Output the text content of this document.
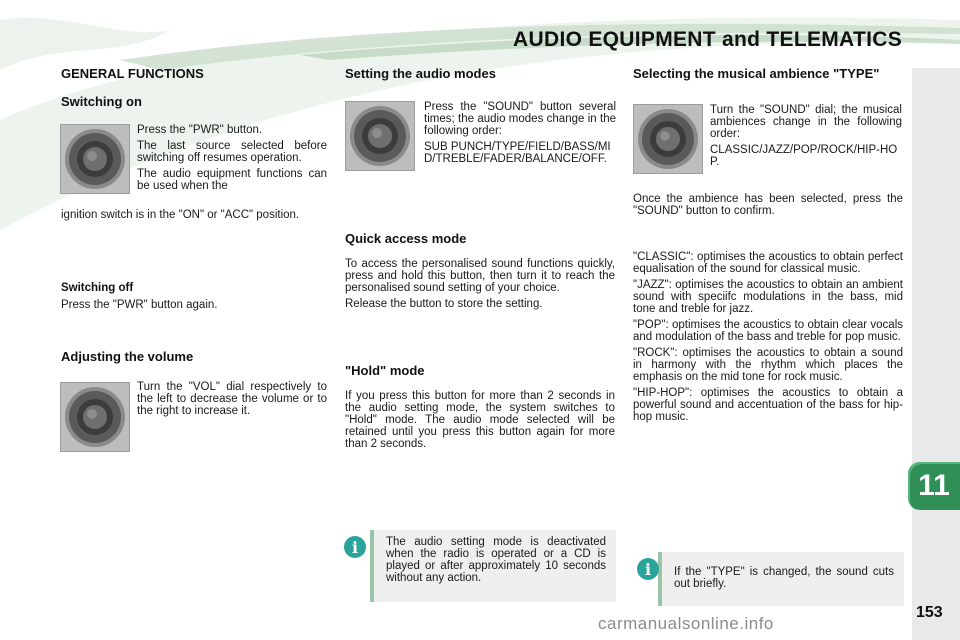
AUDIO EQUIPMENT and TELEMATICS
11
153
carmanualsonline.info
GENERAL FUNCTIONS
Switching on

Press the "PWR" button.

The last source selected before switching off resumes operation.

The audio equipment functions can be used when the

ignition switch is in the "ON" or "ACC" position.
Switching off
Press the "PWR" button again.
Adjusting the volume
Turn the "VOL" dial respectively to the left to decrease the volume or to the right to increase it.
Setting the audio modes

Press the "SOUND" button several times; the audio modes change in the following order:

SUB PUNCH/TYPE/FIELD/BASS/MID/TREBLE/FADER/BALANCE/OFF.

Quick access mode

To access the personalised sound functions quickly, press and hold this button, then turn it to reach the personalised sound setting of your choice.

Release the button to store the setting.

"Hold" mode
If you press this button for more than 2 seconds in the audio setting mode, the system switches to "Hold" mode. The audio mode selected will be retained until you press this button again for more than 2 seconds.
The audio setting mode is deactivated when the radio is operated or a CD is played or after approximately 10 seconds without any action.
i
Selecting the musical ambience "TYPE"

Turn the "SOUND" dial; the musical ambiences change in the following order:

CLASSIC/JAZZ/POP/ROCK/HIP-HOP.

Once the ambience has been selected, press the "SOUND" button to confirm.

"CLASSIC": optimises the acoustics to obtain perfect equalisation of the sound for classical music.

"JAZZ": optimises the acoustics to obtain an ambient sound with speciifc modulations in the bass, mid tone and treble for jazz.

"POP": optimises the acoustics to obtain clear vocals and modulation of the bass and treble for pop music.

"ROCK": optimises the acoustics to obtain a sound in harmony with the rhythm which places the emphasis on the mid tone for rock music.

"HIP-HOP": optimises the acoustics to obtain a powerful sound and accentuation of the bass for hip-hop music.

If the "TYPE" is changed, the sound cuts out briefly.
i
